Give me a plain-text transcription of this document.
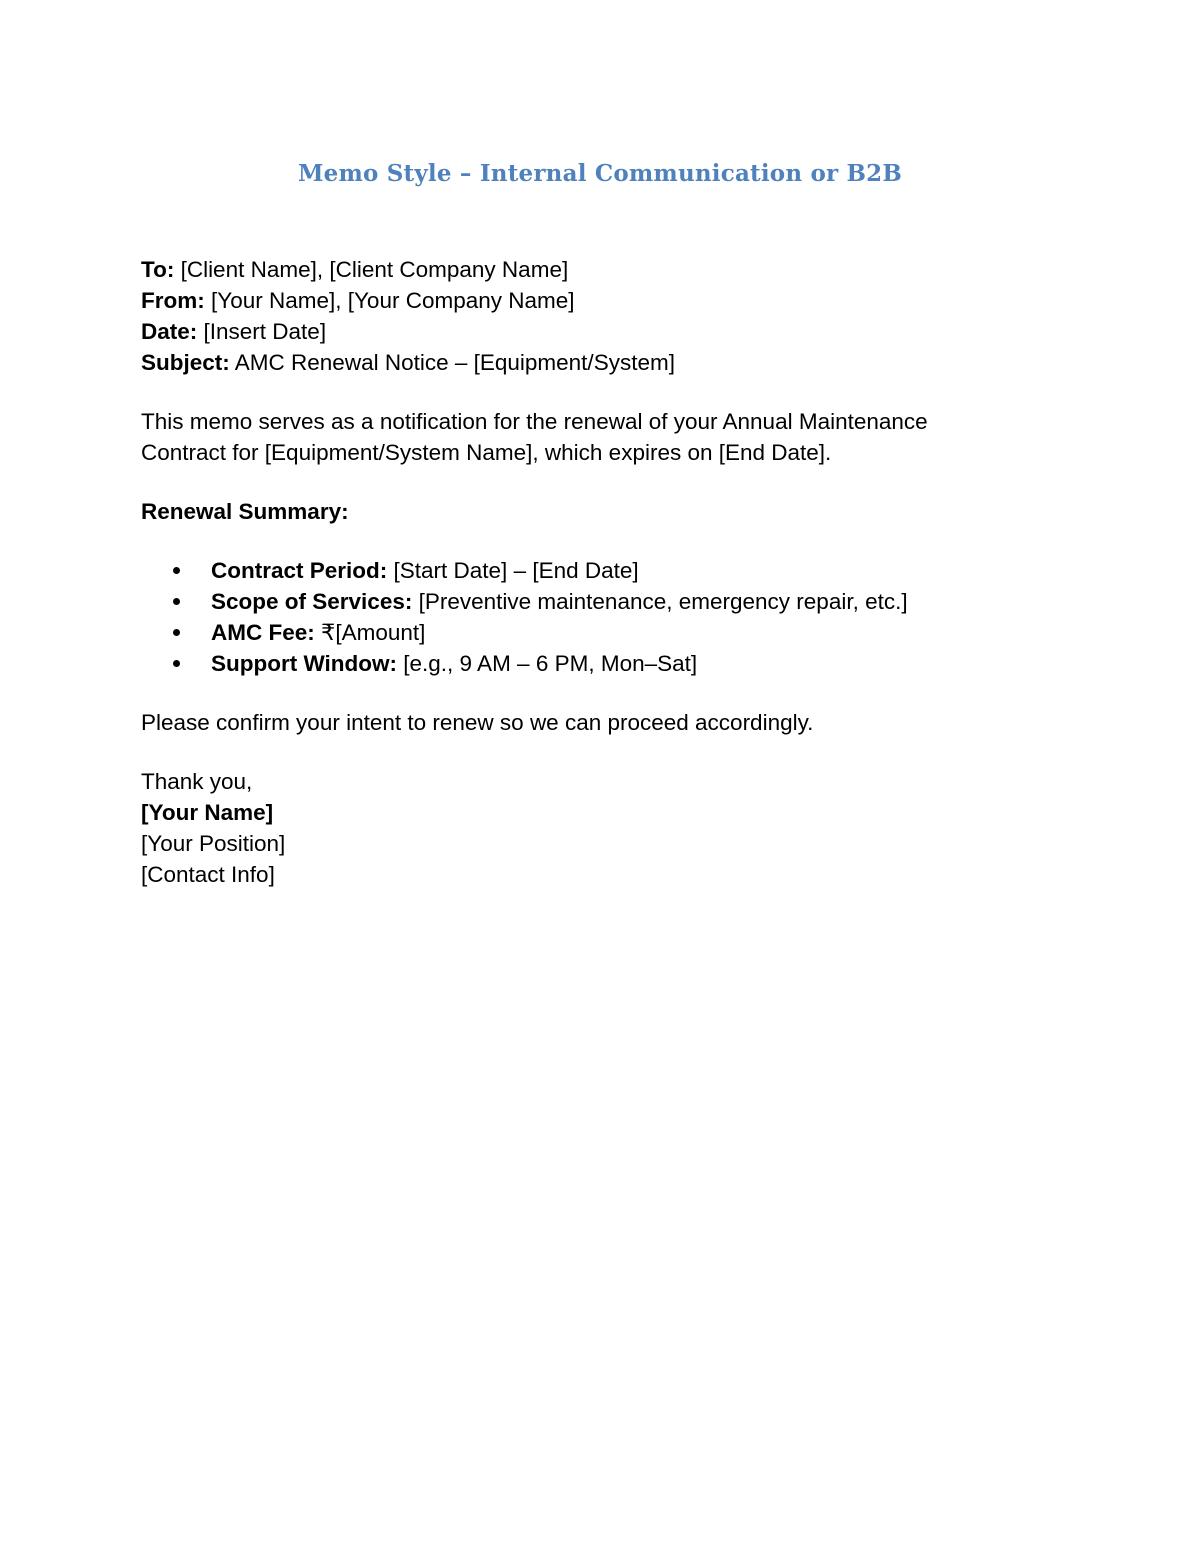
Memo Style – Internal Communication or B2B
To: [Client Name], [Client Company Name]
From: [Your Name], [Your Company Name]
Date: [Insert Date]
Subject: AMC Renewal Notice – [Equipment/System]
This memo serves as a notification for the renewal of your Annual Maintenance
Contract for [Equipment/System Name], which expires on [End Date].
Renewal Summary:
Contract Period: [Start Date] – [End Date]
Scope of Services: [Preventive maintenance, emergency repair, etc.]
AMC Fee: ₹[Amount]
Support Window: [e.g., 9 AM – 6 PM, Mon–Sat]
Please confirm your intent to renew so we can proceed accordingly.
Thank you,
[Your Name]
[Your Position]
[Contact Info]
